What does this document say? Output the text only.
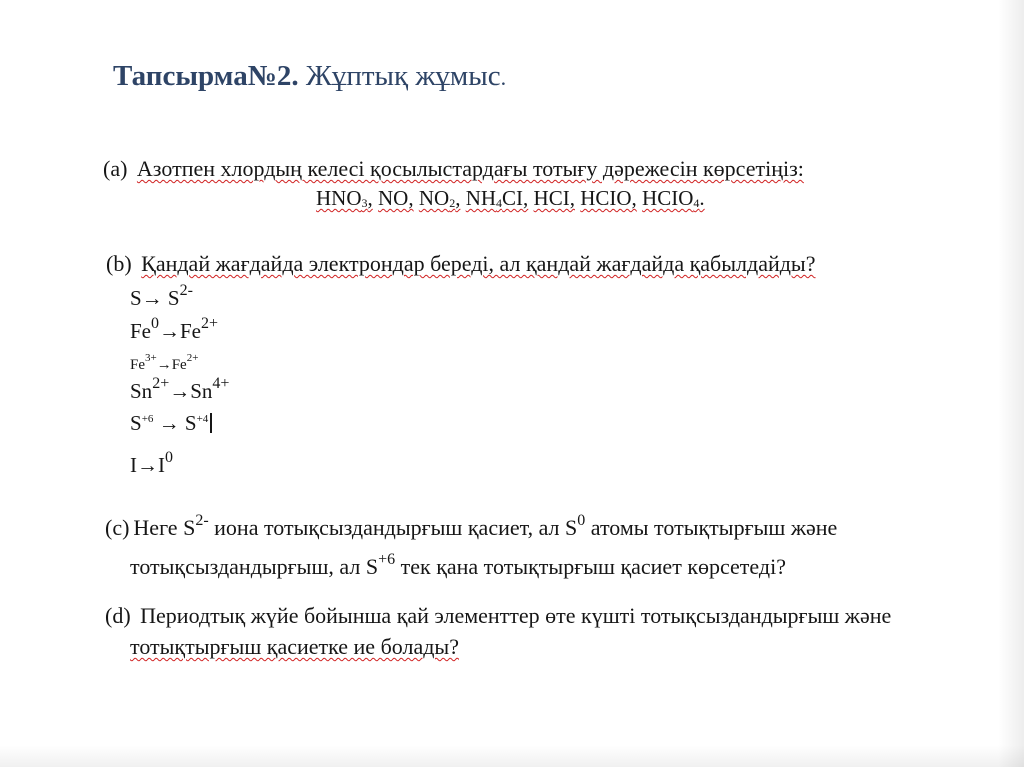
Тапсырма№2. Жұптық жұмыс.
(a) Азотпен хлордың келесі қосылыстардағы тотығу дәрежесін көрсетіңіз:
HNO3, NO, NO2, NH4CI, HCI, HCIO, HCIO4.
(b) Қандай жағдайда электрондар береді, ал қандай жағдайда қабылдайды?
$S\to S^{2-}$
$Fe^0\to Fe^{2+}$
$Fe^{3+}\to Fe^{2+}$
$Sn^{2+}\to Sn^{4+}$
$S^{+6} \to S^{+4}$
$I\to I^0$
(c) Неге $S^{2-}$ иона тотықсыздандырғыш қасиет, ал $S^0$ атомы тотықтырғыш және
тотықсыздандырғыш, ал $S^{+6}$ тек қана тотықтырғыш қасиет көрсетеді?
(d) Периодтық жүйе бойынша қай элементтер өте күшті тотықсыздандырғыш және
тотықтырғыш қасиетке ие болады?
